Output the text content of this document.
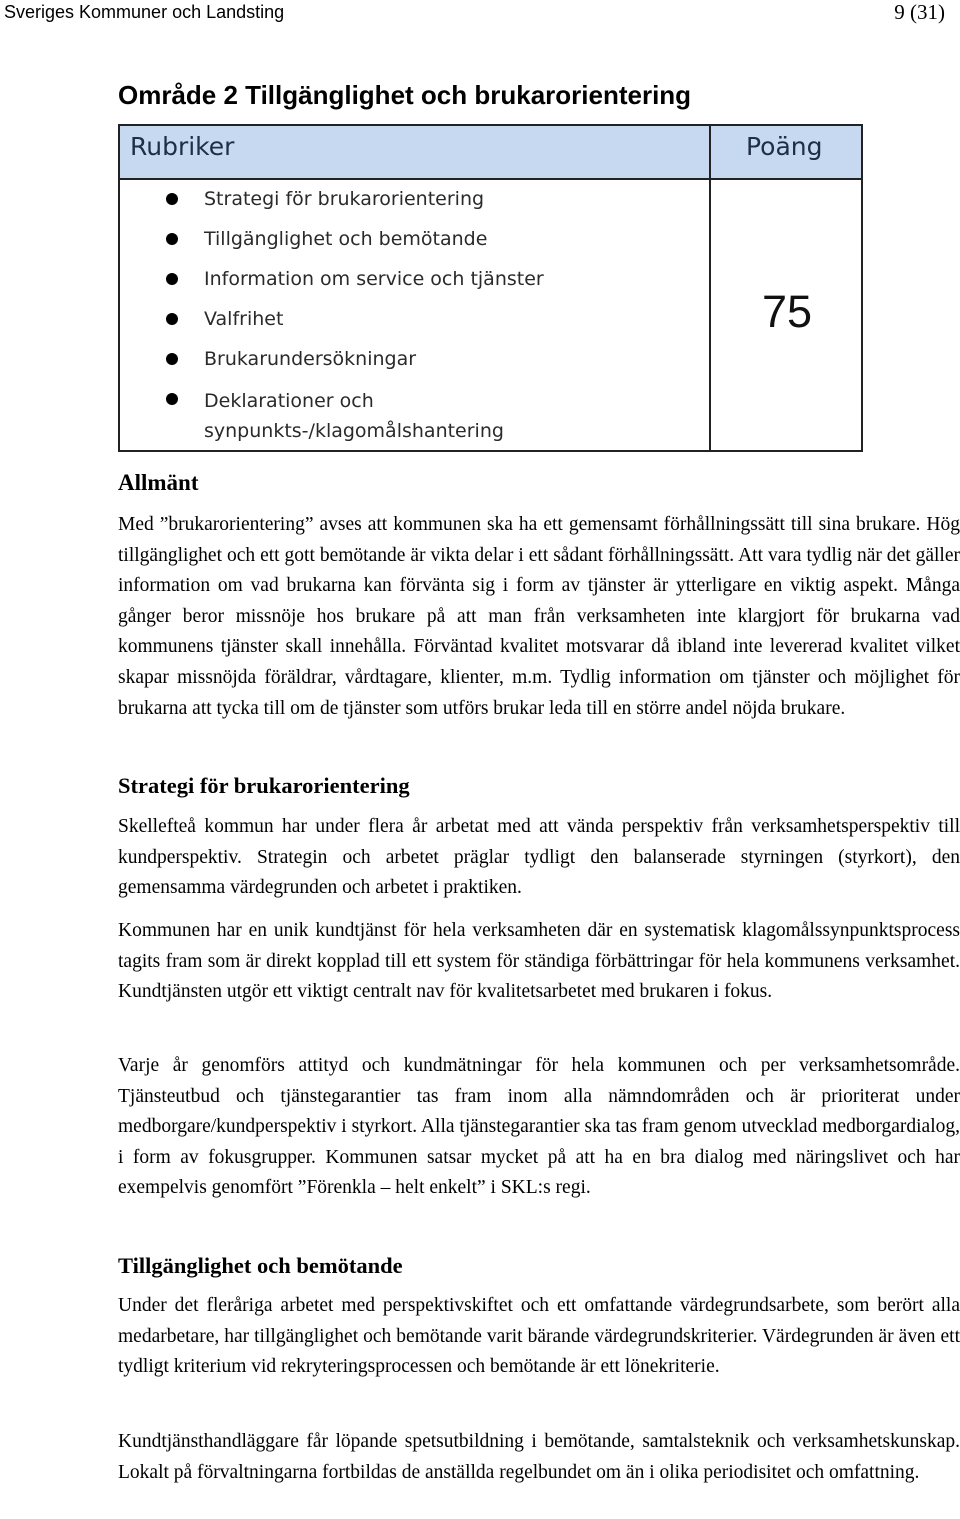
Sveriges Kommuner och Landsting	9 (31)
Område 2 Tillgänglighet och brukarorientering
Rubriker	Poäng
Strategi för brukarorientering
Tillgänglighet och bemötande
Information om service och tjänster
Valfrihet
Brukarundersökningar
Deklarationer och synpunkts-/klagomålshantering
75
Allmänt

Med ”brukarorientering” avses att kommunen ska ha ett gemensamt förhållningssätt till sina brukare. Hög tillgänglighet och ett gott bemötande är vikta delar i ett sådant förhållningssätt. Att vara tydlig när det gäller information om vad brukarna kan förvänta sig i form av tjänster är ytterligare en viktig aspekt. Många gånger beror missnöje hos brukare på att man från verksamheten inte klargjort för brukarna vad kommunens tjänster skall innehålla. Förväntad kvalitet motsvarar då ibland inte levererad kvalitet vilket skapar missnöjda föräldrar, vårdtagare, klienter, m.m. Tydlig information om tjänster och möjlighet för brukarna att tycka till om de tjänster som utförs brukar leda till en större andel nöjda brukare.

Strategi för brukarorientering

Skellefteå kommun har under flera år arbetat med att vända perspektiv från verksamhetsperspektiv till kundperspektiv. Strategin och arbetet präglar tydligt den balanserade styrningen (styrkort), den gemensamma värdegrunden och arbetet i praktiken.

Kommunen har en unik kundtjänst för hela verksamheten där en systematisk klagomålssynpunktsprocess tagits fram som är direkt kopplad till ett system för ständiga förbättringar för hela kommunens verksamhet. Kundtjänsten utgör ett viktigt centralt nav för kvalitetsarbetet med brukaren i fokus.

Varje år genomförs attityd och kundmätningar för hela kommunen och per verksamhetsområde. Tjänsteutbud och tjänstegarantier tas fram inom alla nämndområden och är prioriterat under medborgare/kundperspektiv i styrkort. Alla tjänstegarantier ska tas fram genom utvecklad medborgardialog, i form av fokusgrupper. Kommunen satsar mycket på att ha en bra dialog med näringslivet och har exempelvis genomfört ”Förenkla – helt enkelt” i SKL:s regi.

Tillgänglighet och bemötande

Under det fleråriga arbetet med perspektivskiftet och ett omfattande värdegrundsarbete, som berört alla medarbetare, har tillgänglighet och bemötande varit bärande värdegrundskriterier. Värdegrunden är även ett tydligt kriterium vid rekryteringsprocessen och bemötande är ett lönekriterie.

Kundtjänsthandläggare får löpande spetsutbildning i bemötande, samtalsteknik och verksamhetskunskap. Lokalt på förvaltningarna fortbildas de anställda regelbundet om än i olika periodisitet och omfattning.
